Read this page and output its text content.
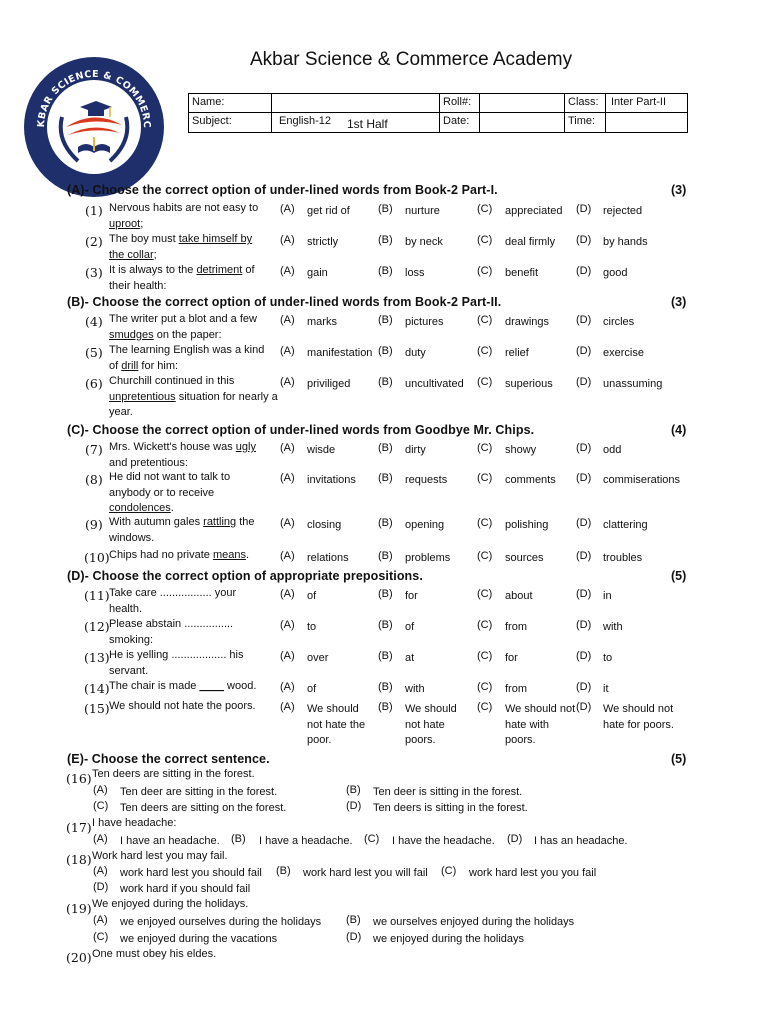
KBAR SCIENCE & COMMERC
ACADEMY
Akbar Science & Commerce Academy
Name:	Roll#:	Class: Inter Part-II
Subject:	English-12	Date:	Time:
1st Half
(A)- Choose the correct option of under-lined words from Book-2 Part-I.	(3)
(1) Nervous habits are not easy to uproot;
(A) get rid of	(B) nurture	(C) appreciated	(D) rejected
(2) The boy must take himself by the collar;
(A) strictly	(B) by neck	(C) deal firmly	(D) by hands
(3) It is always to the detriment of their health:
(A) gain	(B) loss	(C) benefit	(D) good
(B)- Choose the correct option of under-lined words from Book-2 Part-II.	(3)
(4) The writer put a blot and a few smudges on the paper:
(A) marks	(B) pictures	(C) drawings	(D) circles
(5) The learning English was a kind of drill for him:
(A) manifestation (B) duty	(C) relief	(D) exercise
(6) Churchill continued in this unpretentious situation for nearly a year.
(A) priviliged	(B) uncultivated	(C) superious	(D) unassuming
(C)- Choose the correct option of under-lined words from Goodbye Mr. Chips.	(4)
(7) Mrs. Wickett's house was ugly and pretentious:
(A) wisde	(B) dirty	(C) showy	(D) odd
(8) He did not want to talk to anybody or to receive condolences.
(A) invitations	(B) requests	(C) comments	(D) commiserations
(9) With autumn gales rattling the windows.
(A) closing	(B) opening	(C) polishing	(D) clattering
(10) Chips had no private means.	(A) relations	(B) problems	(C) sources	(D) troubles
(D)- Choose the correct option of appropriate prepositions.	(5)
(11) Take care ................. your health.
(A) of	(B) for	(C) about	(D) in
(12) Please abstain ................ smoking:
(A) to	(B) of	(C) from	(D) with
(13) He is yelling .................. his servant.
(A) over	(B) at	(C) for	(D) to
(14) The chair is made ____ wood.	(A) of	(B) with	(C) from	(D) it
(15) We should not hate the poors.	(A) We should not hate the poor.
(B) We should not hate poors.
(C) We should not hate with poors.
(D) We should not hate for poors.
(E)- Choose the correct sentence.	(5)
(16) Ten deers are sitting in the forest.
(A) Ten deer are sitting in the forest.	(B) Ten deer is sitting in the forest.
(C) Ten deers are sitting on the forest.	(D) Ten deers is sitting in the forest.
(17) I have headache:
(A) I have an headache. (B) I have a headache. (C) I have the headache. (D) I has an headache.
(18) Work hard lest you may fail.
(A) work hard lest you should fail (B) work hard lest you will fail (C) work hard lest you you fail
(D) work hard if you should fail
(19) We enjoyed during the holidays.
(A) we enjoyed ourselves during the holidays (B) we ourselves enjoyed during the holidays
(C) we enjoyed during the vacations	(D) we enjoyed during the holidays
(20) One must obey his eldes.
